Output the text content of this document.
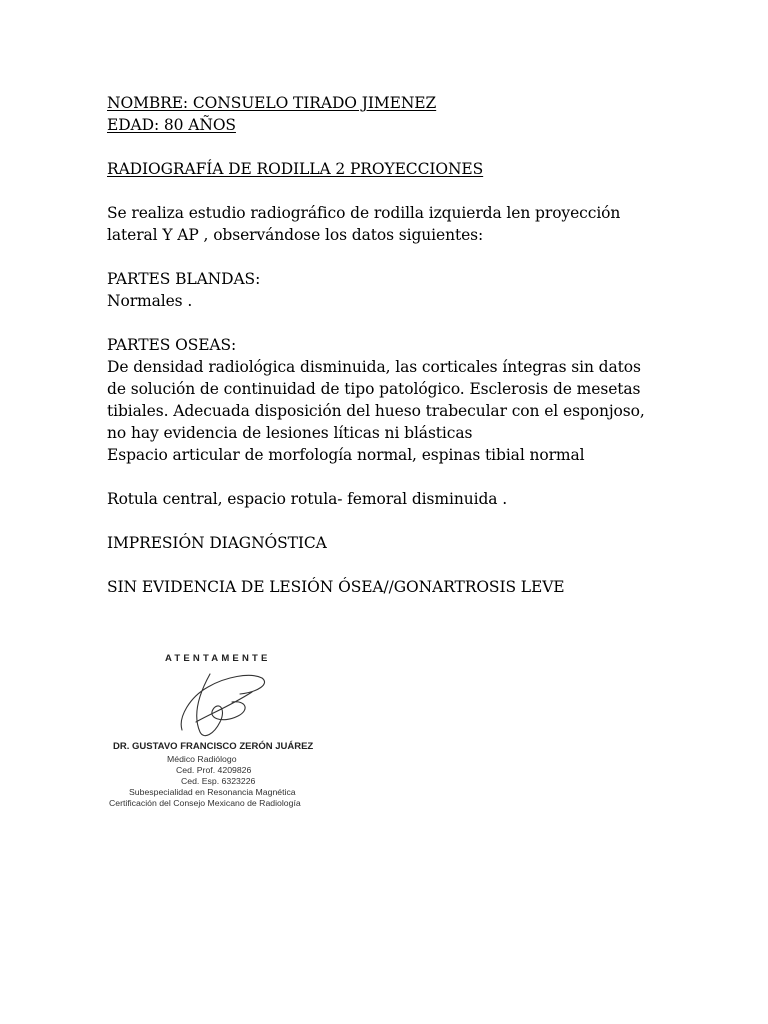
NOMBRE: CONSUELO TIRADO JIMENEZ
EDAD: 80 AÑOS
RADIOGRAFÍA DE RODILLA 2 PROYECCIONES
Se realiza estudio radiográfico de rodilla izquierda len proyección
lateral Y AP , observándose los datos siguientes:
PARTES BLANDAS:
Normales .
PARTES OSEAS:
De densidad radiológica disminuida, las corticales íntegras sin datos
de solución de continuidad de tipo patológico. Esclerosis de mesetas
tibiales. Adecuada disposición del hueso trabecular con el esponjoso,
no hay evidencia de lesiones líticas ni blásticas
Espacio articular de morfología normal, espinas tibial normal
Rotula central, espacio rotula- femoral disminuida .
IMPRESIÓN DIAGNÓSTICA
SIN EVIDENCIA DE LESIÓN ÓSEA//GONARTROSIS LEVE
ATENTAMENTE
DR. GUSTAVO FRANCISCO ZERÓN JUÁREZ
Médico Radiólogo
Ced. Prof. 4209826
Ced. Esp. 6323226
Subespecialidad en Resonancia Magnética
Certificación del Consejo Mexicano de Radiología
